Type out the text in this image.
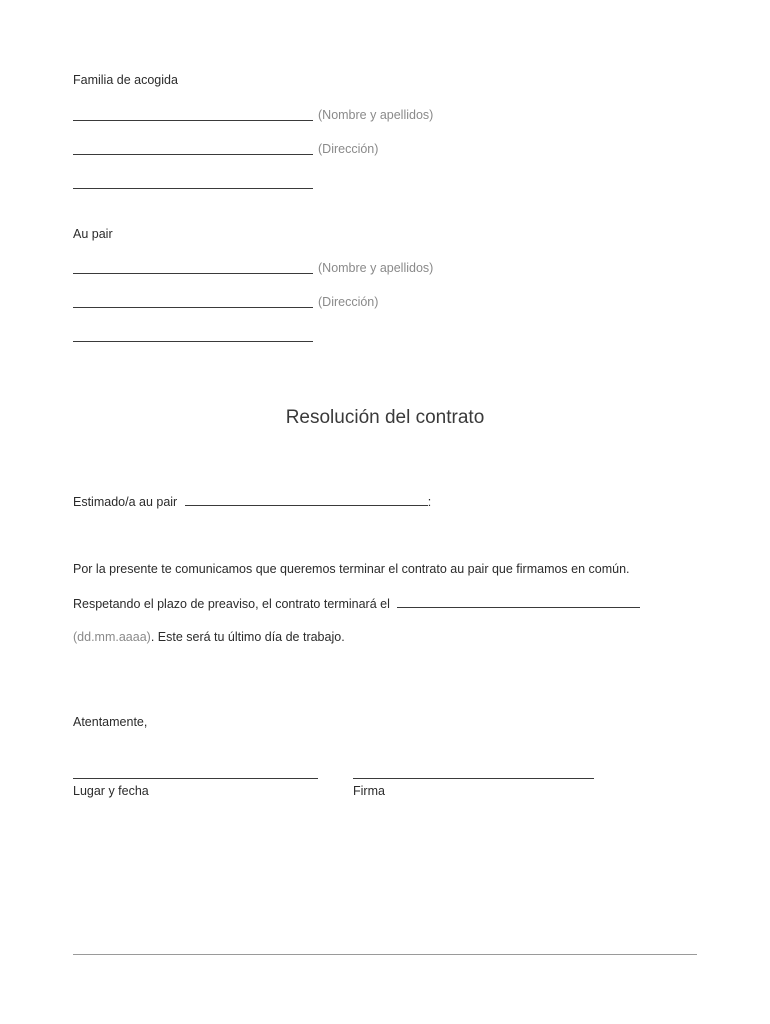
Familia de acogida
(Nombre y apellidos)
(Dirección)
Au pair
(Nombre y apellidos)
(Dirección)
Resolución del contrato
Estimado/a au pair	:
Por la presente te comunicamos que queremos terminar el contrato au pair que firmamos en común.
Respetando el plazo de preaviso, el contrato terminará el
(dd.mm.aaaa). Este será tu último día de trabajo.
Atentamente,
Lugar y fecha	Firma
